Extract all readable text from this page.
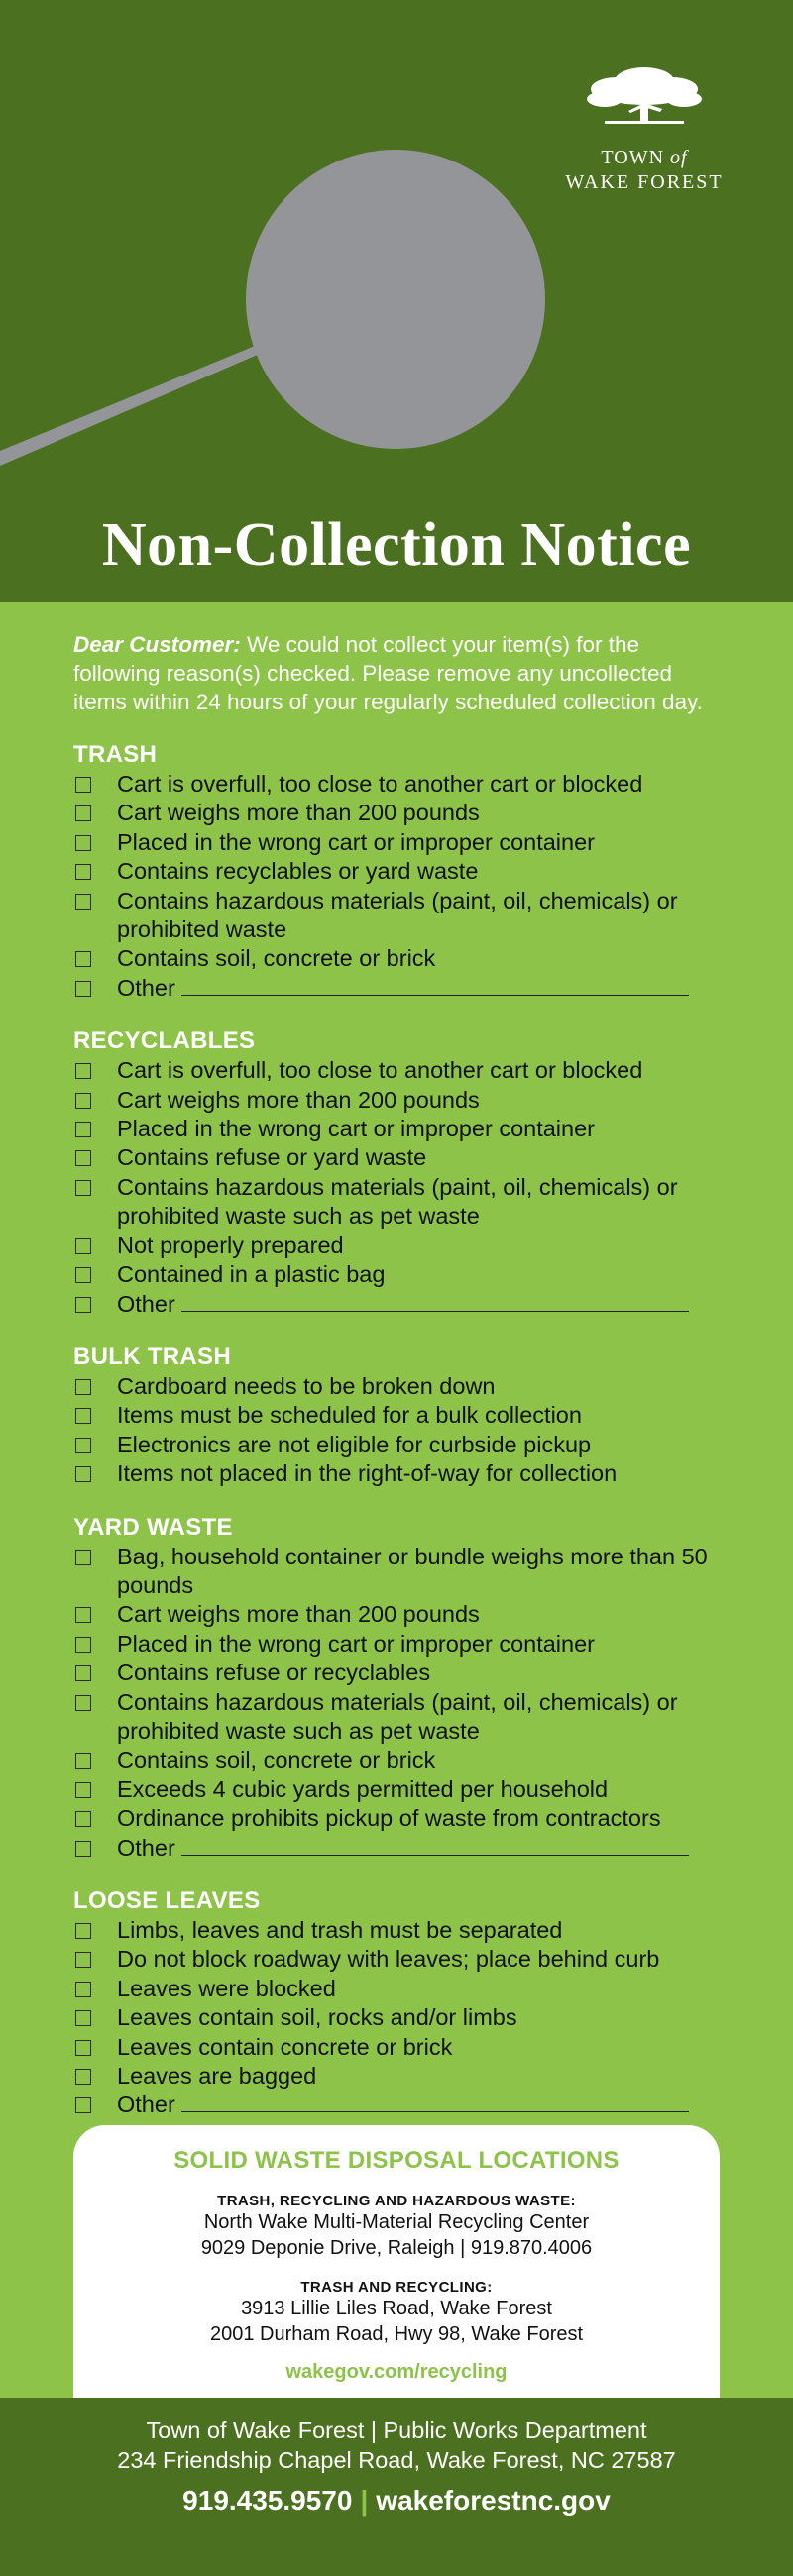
TOWN of
WAKE FOREST
Non-Collection Notice

Dear Customer: We could not collect your item(s) for the following reason(s) checked. Please remove any uncollected items within 24 hours of your regularly scheduled collection day.

TRASH
Cart is overfull, too close to another cart or blocked
Cart weighs more than 200 pounds
Placed in the wrong cart or improper container
Contains recyclables or yard waste
Contains hazardous materials (paint, oil, chemicals) or prohibited waste
Contains soil, concrete or brick
Other
RECYCLABLES
Cart is overfull, too close to another cart or blocked
Cart weighs more than 200 pounds
Placed in the wrong cart or improper container
Contains refuse or yard waste
Contains hazardous materials (paint, oil, chemicals) or prohibited waste such as pet waste
Not properly prepared
Contained in a plastic bag
Other
BULK TRASH
Cardboard needs to be broken down
Items must be scheduled for a bulk collection
Electronics are not eligible for curbside pickup
Items not placed in the right-of-way for collection
YARD WASTE
Bag, household container or bundle weighs more than 50 pounds
Cart weighs more than 200 pounds
Placed in the wrong cart or improper container
Contains refuse or recyclables
Contains hazardous materials (paint, oil, chemicals) or prohibited waste such as pet waste
Contains soil, concrete or brick
Exceeds 4 cubic yards permitted per household
Ordinance prohibits pickup of waste from contractors
Other
LOOSE LEAVES
Limbs, leaves and trash must be separated
Do not block roadway with leaves; place behind curb
Leaves were blocked
Leaves contain soil, rocks and/or limbs
Leaves contain concrete or brick
Leaves are bagged
Other
SOLID WASTE DISPOSAL LOCATIONS
TRASH, RECYCLING AND HAZARDOUS WASTE:
North Wake Multi-Material Recycling Center
9029 Deponie Drive, Raleigh | 919.870.4006
TRASH AND RECYCLING:
3913 Lillie Liles Road, Wake Forest
2001 Durham Road, Hwy 98, Wake Forest
wakegov.com/recycling
Town of Wake Forest | Public Works Department
234 Friendship Chapel Road, Wake Forest, NC 27587
919.435.9570 | wakeforestnc.gov
